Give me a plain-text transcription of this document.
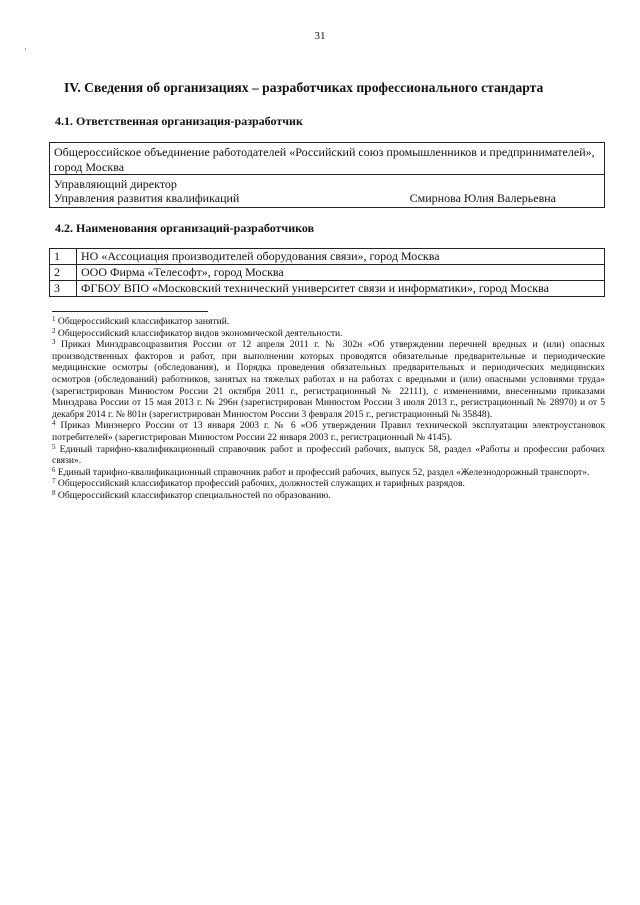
31
IV. Сведения об организациях – разработчиках профессионального стандарта
4.1. Ответственная организация-разработчик
Общероссийское объединение работодателей «Российский союз промышленников и предпринимателей», город Москва
Управляющий директор
Управления развития квалификаций	Смирнова Юлия Валерьевна
4.2. Наименования организаций-разработчиков
1	НО «Ассоциация производителей оборудования связи», город Москва
2	ООО Фирма «Телесофт», город Москва
3	ФГБОУ ВПО «Московский технический университет связи и информатики», город Москва

$^1$ Общероссийский классификатор занятий.

$^2$ Общероссийский классификатор видов экономической деятельности.

$^3$ Приказ Минздравсоцразвития России от 12 апреля 2011 г. № 302н «Об утверждении перечней вредных и (или) опасных производственных факторов и работ, при выполнении которых проводятся обязательные предварительные и периодические медицинские осмотры (обследования), и Порядка проведения обязательных предварительных и периодических медицинских осмотров (обследований) работников, занятых на тяжелых работах и на работах с вредными и (или) опасными условиями труда» (зарегистрирован Минюстом России 21 октября 2011 г., регистрационный № 22111), с изменениями, внесенными приказами Минздрава России от 15 мая 2013 г. № 296н (зарегистрирован Минюстом России 3 июля 2013 г., регистрационный № 28970) и от 5 декабря 2014 г. № 801н (зарегистрирован Минюстом России 3 февраля 2015 г., регистрационный № 35848).

$^4$ Приказ Минэнерго России от 13 января 2003 г. № 6 «Об утверждении Правил технической эксплуатации электроустановок потребителей» (зарегистрирован Минюстом России 22 января 2003 г., регистрационный № 4145).

$^5$ Единый тарифно-квалификационный справочник работ и профессий рабочих, выпуск 58, раздел «Работы и профессии рабочих связи».

$^6$ Единый тарифно-квалификационный справочник работ и профессий рабочих, выпуск 52, раздел «Железнодорожный транспорт».

$^7$ Общероссийский классификатор профессий рабочих, должностей служащих и тарифных разрядов.

$^8$ Общероссийский классификатор специальностей по образованию.

·
